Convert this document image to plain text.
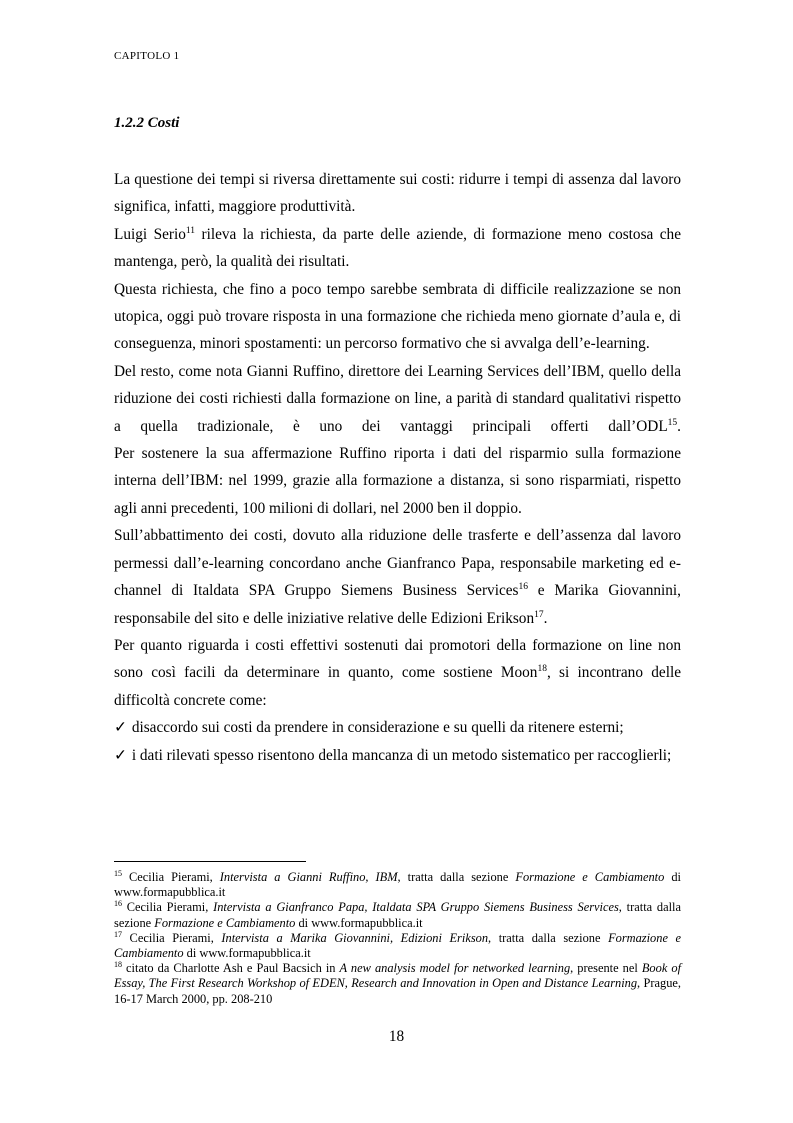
CAPITOLO 1
1.2.2 Costi

La questione dei tempi si riversa direttamente sui costi: ridurre i tempi di assenza dal lavoro significa, infatti, maggiore produttività.

Luigi Serio$^{11}$ rileva la richiesta, da parte delle aziende, di formazione meno costosa che mantenga, però, la qualità dei risultati.

Questa richiesta, che fino a poco tempo sarebbe sembrata di difficile realizzazione se non utopica, oggi può trovare risposta in una formazione che richieda meno giornate d’aula e, di conseguenza, minori spostamenti: un percorso formativo che si avvalga dell’e-learning.

Del resto, come nota Gianni Ruffino, direttore dei Learning Services dell’IBM, quello della riduzione dei costi richiesti dalla formazione on line, a parità di standard qualitativi rispetto a quella tradizionale, è uno dei vantaggi principali offerti dall’ODL$^{15}$.

Per sostenere la sua affermazione Ruffino riporta i dati del risparmio sulla formazione interna dell’IBM: nel 1999, grazie alla formazione a distanza, si sono risparmiati, rispetto agli anni precedenti, 100 milioni di dollari, nel 2000 ben il doppio.

Sull’abbattimento dei costi, dovuto alla riduzione delle trasferte e dell’assenza dal lavoro permessi dall’e-learning concordano anche Gianfranco Papa, responsabile marketing ed e-channel di Italdata SPA Gruppo Siemens Business Services$^{16}$ e Marika Giovannini, responsabile del sito e delle iniziative relative delle Edizioni Erikson$^{17}$.

Per quanto riguarda i costi effettivi sostenuti dai promotori della formazione on line non sono così facili da determinare in quanto, come sostiene Moon$^{18}$, si incontrano delle difficoltà concrete come:

✓ disaccordo sui costi da prendere in considerazione e su quelli da ritenere esterni;

✓ i dati rilevati spesso risentono della mancanza di un metodo sistematico per raccoglierli;

$^{15}$ Cecilia Pierami, Intervista a Gianni Ruffino, IBM, tratta dalla sezione Formazione e Cambiamento di www.formapubblica.it

$^{16}$ Cecilia Pierami, Intervista a Gianfranco Papa, Italdata SPA Gruppo Siemens Business Services, tratta dalla sezione Formazione e Cambiamento di www.formapubblica.it

$^{17}$ Cecilia Pierami, Intervista a Marika Giovannini, Edizioni Erikson, tratta dalla sezione Formazione e Cambiamento di www.formapubblica.it

$^{18}$ citato da Charlotte Ash e Paul Bacsich in A new analysis model for networked learning, presente nel Book of Essay, The First Research Workshop of EDEN, Research and Innovation in Open and Distance Learning, Prague, 16-17 March 2000, pp. 208-210

18
